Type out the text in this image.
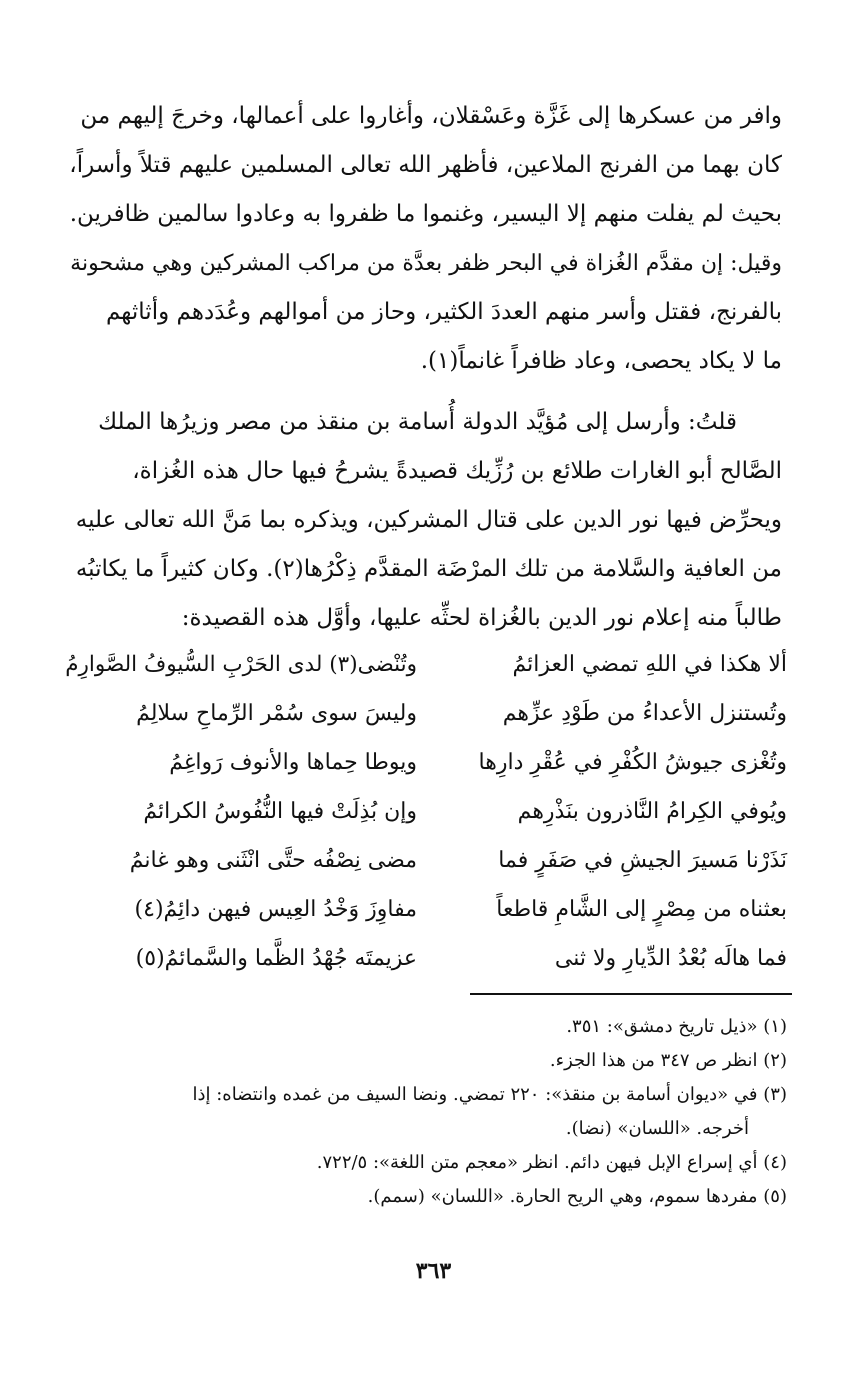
وافر من عسكرها إلى غَزَّة وعَسْقلان، وأغاروا على أعمالها، وخرجَ إليهم من

كان بهما من الفرنج الملاعين، فأظهر الله تعالى المسلمين عليهم قتلاً وأسراً،

بحيث لم يفلت منهم إلا اليسير، وغنموا ما ظفروا به وعادوا سالمين ظافرين.

وقيل: إن مقدَّم الغُزاة في البحر ظفر بعدَّة من مراكب المشركين وهي مشحونة

بالفرنج، فقتل وأسر منهم العددَ الكثير، وحاز من أموالهم وعُدَدهم وأثاثهم

ما لا يكاد يحصى، وعاد ظافراً غانماً(١).

قلتُ: وأرسل إلى مُؤيَّد الدولة أُسامة بن منقذ من مصر وزيرُها الملك

الصَّالح أبو الغارات طلائع بن رُزِّيك قصيدةً يشرحُ فيها حال هذه الغُزاة،

ويحرِّض فيها نور الدين على قتال المشركين، ويذكره بما مَنَّ الله تعالى عليه

من العافية والسَّلامة من تلك المرْضَة المقدَّم ذِكْرُها(٢). وكان كثيراً ما يكاتبُه

طالباً منه إعلام نور الدين بالغُزاة لحثِّه عليها، وأوَّل هذه القصيدة:

ألا هكذا في اللهِ تمضي العزائمُ
وتُنْضى(٣) لدى الحَرْبِ السُّيوفُ الصَّوارِمُ
وتُستنزل الأعداءُ من طَوْدِ عزِّهم
وليسَ سوى سُمْر الرِّماحِ سلالِمُ
وتُغْزى جيوشُ الكُفْرِ في عُقْرِ دارِها
ويوطا حِماها والأنوف رَواغِمُ
ويُوفي الكِرامُ النَّاذرون بنَذْرِهم
وإن بُذِلَتْ فيها النُّفُوسُ الكرائمُ
نَذَرْنا مَسيرَ الجيشِ في صَفَرٍ فما
مضى نِصْفُه حتَّى انْثَنى وهو غانمُ
بعثناه من مِصْرٍ إلى الشَّامِ قاطعاً
مفاوِزَ وَخْدُ العِيس فيهن دائِمُ(٤)
فما هالَه بُعْدُ الدِّيارِ ولا ثنى
عزيمتَه جُهْدُ الظَّما والسَّمائمُ(٥)

(١) «ذيل تاريخ دمشق»: ٣٥١.

(٢) انظر ص ٣٤٧ من هذا الجزء.

(٣) في «ديوان أسامة بن منقذ»: ٢٢٠ تمضي. ونضا السيف من غمده وانتضاه: إذا

أخرجه. «اللسان» (نضا).

(٤) أي إسراع الإبل فيهن دائم. انظر «معجم متن اللغة»: ٧٢٢/٥.

(٥) مفردها سموم، وهي الريح الحارة. «اللسان» (سمم).

٣٦٣
